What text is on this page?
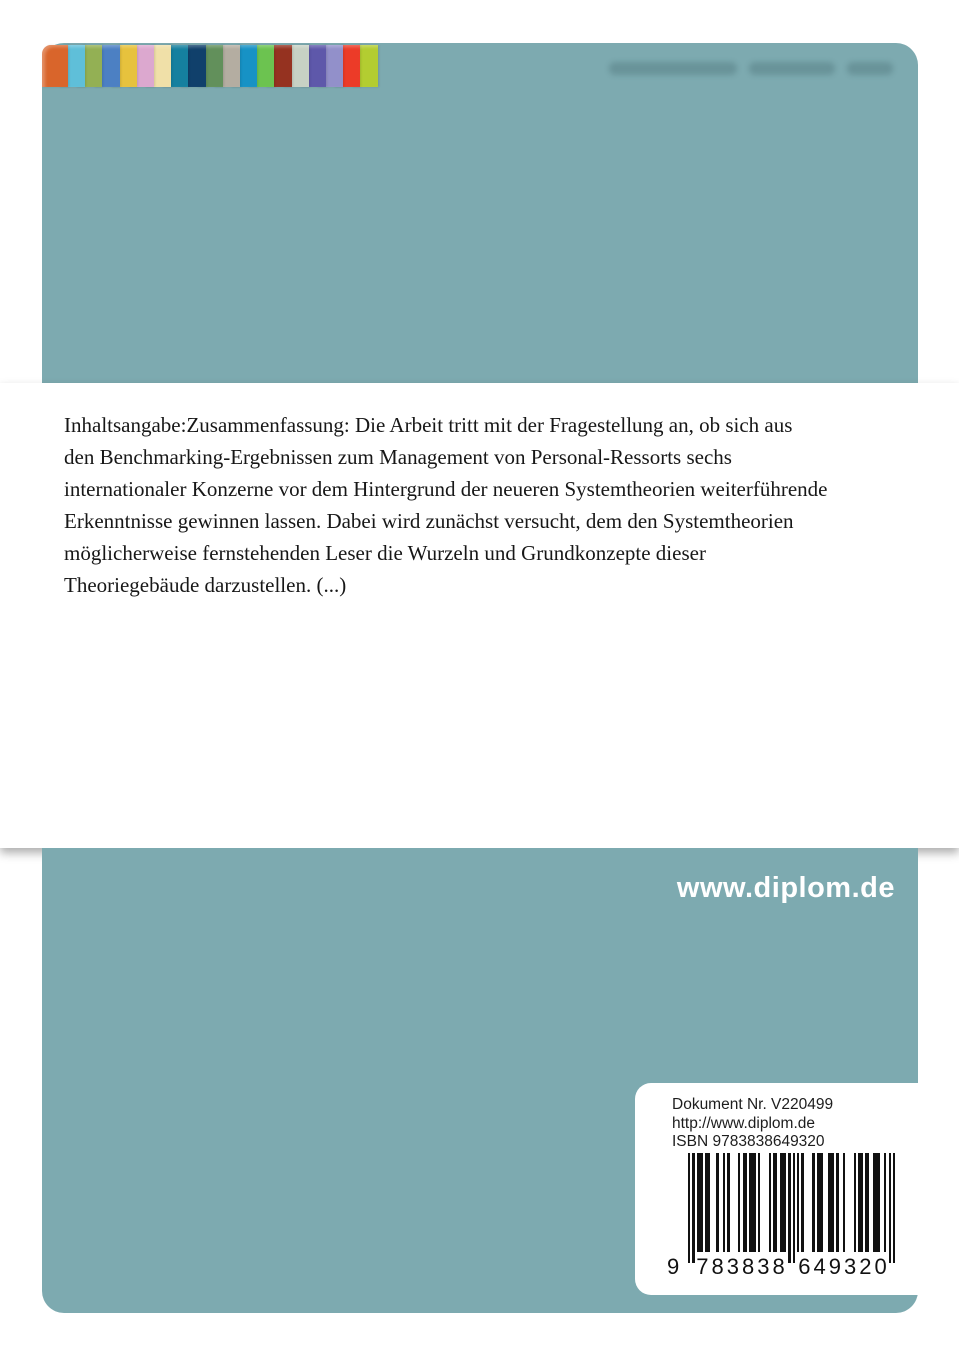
Inhaltsangabe:Zusammenfassung: Die Arbeit tritt mit der Fragestellung an, ob sich aus
den Benchmarking-Ergebnissen zum Management von Personal-Ressorts sechs
internationaler Konzerne vor dem Hintergrund der neueren Systemtheorien weiterführende
Erkenntnisse gewinnen lassen. Dabei wird zunächst versucht, dem den Systemtheorien
möglicherweise fernstehenden Leser die Wurzeln und Grundkonzepte dieser
Theoriegebäude darzustellen. (...)

www.diplom.de
Dokument Nr. V220499
http://www.diplom.de
ISBN 9783838649320
9 783838 649320
